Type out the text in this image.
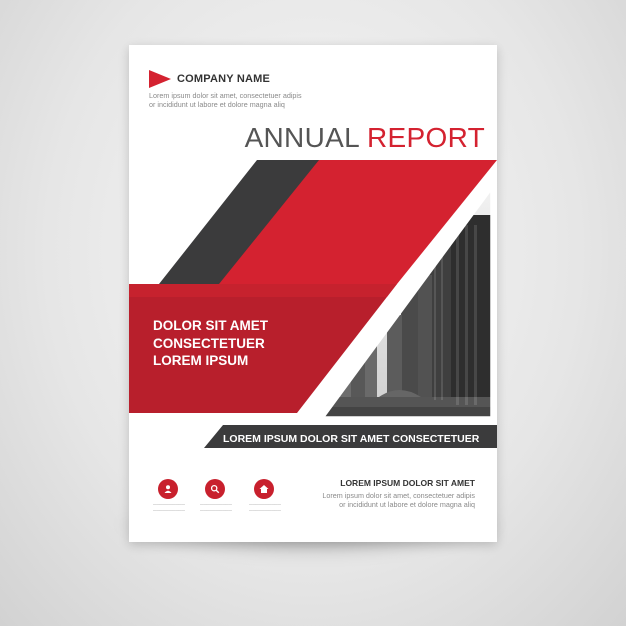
COMPANY NAME
Lorem ipsum dolor sit amet, consectetuer adipis
or incididunt ut labore et dolore magna aliq
ANNUAL REPORT
DOLOR SIT AMET
CONSECTETUER
LOREM IPSUM
LOREM IPSUM DOLOR SIT AMET CONSECTETUER
──────────
──────────
──────────
──────────
──────────
──────────
LOREM IPSUM DOLOR SIT AMET
Lorem ipsum dolor sit amet, consectetuer adipis
or incididunt ut labore et dolore magna aliq
